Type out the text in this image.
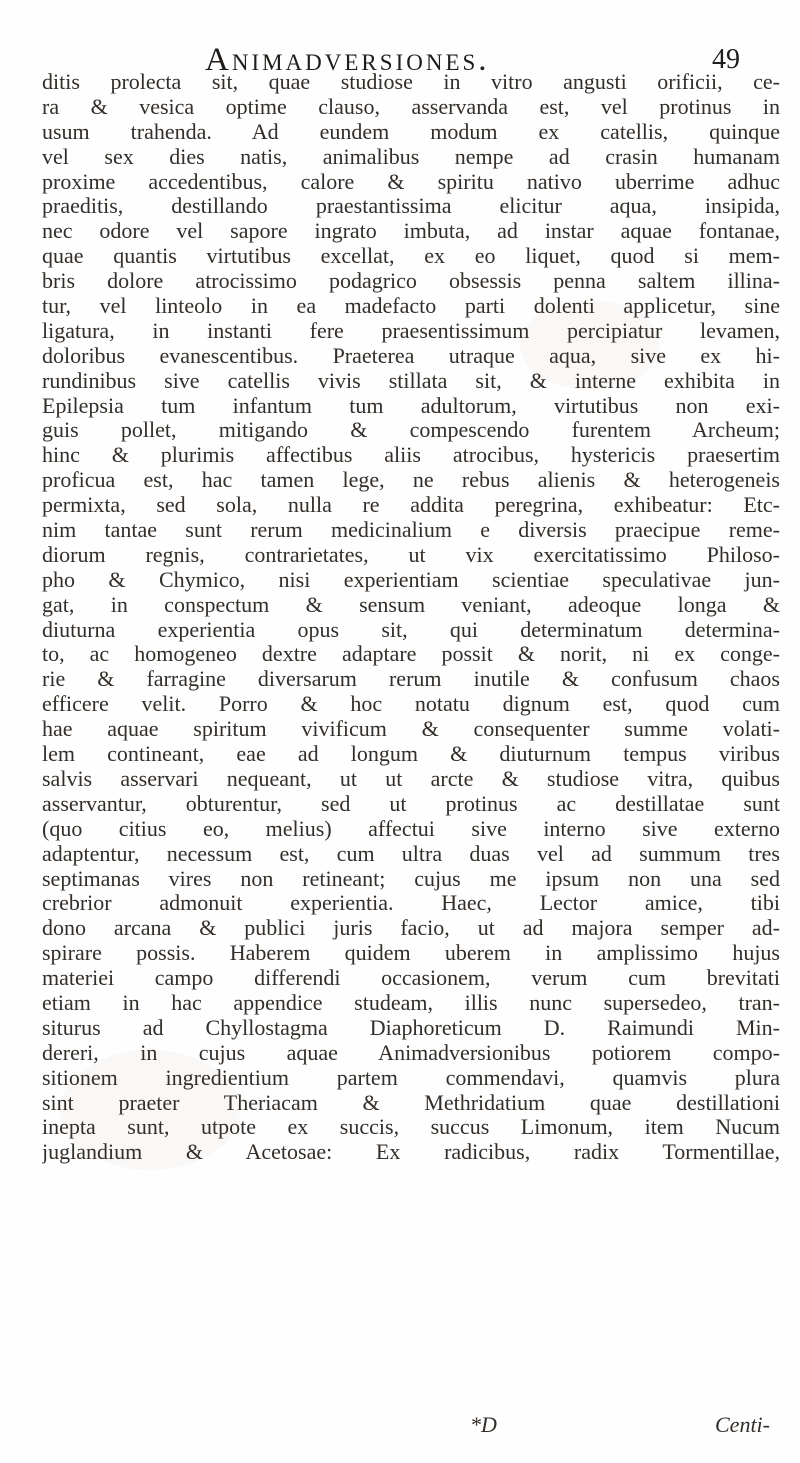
Animadversiones.	49
ditis prolecta sit, quae studiose in vitro angusti orificii, ce-
ra & vesica optime clauso, asservanda est, vel protinus in
usum trahenda. Ad eundem modum ex catellis, quinque
vel sex dies natis, animalibus nempe ad crasin humanam
proxime accedentibus, calore & spiritu nativo uberrime adhuc
praeditis, destillando praestantissima elicitur aqua, insipida,
nec odore vel sapore ingrato imbuta, ad instar aquae fontanae,
quae quantis virtutibus excellat, ex eo liquet, quod si mem-
bris dolore atrocissimo podagrico obsessis penna saltem illina-
tur, vel linteolo in ea madefacto parti dolenti applicetur, sine
ligatura, in instanti fere praesentissimum percipiatur levamen,
doloribus evanescentibus. Praeterea utraque aqua, sive ex hi-
rundinibus sive catellis vivis stillata sit, & interne exhibita in
Epilepsia tum infantum tum adultorum, virtutibus non exi-
guis pollet, mitigando & compescendo furentem Archeum;
hinc & plurimis affectibus aliis atrocibus, hystericis praesertim
proficua est, hac tamen lege, ne rebus alienis & heterogeneis
permixta, sed sola, nulla re addita peregrina, exhibeatur: Etc-
nim tantae sunt rerum medicinalium e diversis praecipue reme-
diorum regnis, contrarietates, ut vix exercitatissimo Philoso-
pho & Chymico, nisi experientiam scientiae speculativae jun-
gat, in conspectum & sensum veniant, adeoque longa &
diuturna experientia opus sit, qui determinatum determina-
to, ac homogeneo dextre adaptare possit & norit, ni ex conge-
rie & farragine diversarum rerum inutile & confusum chaos
efficere velit. Porro & hoc notatu dignum est, quod cum
hae aquae spiritum vivificum & consequenter summe volati-
lem contineant, eae ad longum & diuturnum tempus viribus
salvis asservari nequeant, ut ut arcte & studiose vitra, quibus
asservantur, obturentur, sed ut protinus ac destillatae sunt
(quo citius eo, melius) affectui sive interno sive externo
adaptentur, necessum est, cum ultra duas vel ad summum tres
septimanas vires non retineant; cujus me ipsum non una sed
crebrior admonuit experientia. Haec, Lector amice, tibi
dono arcana & publici juris facio, ut ad majora semper ad-
spirare possis. Haberem quidem uberem in amplissimo hujus
materiei campo differendi occasionem, verum cum brevitati
etiam in hac appendice studeam, illis nunc supersedeo, tran-
siturus ad Chyllostagma Diaphoreticum D. Raimundi Min-
dereri, in cujus aquae Animadversionibus potiorem compo-
sitionem ingredientium partem commendavi, quamvis plura
sint praeter Theriacam & Methridatium quae destillationi
inepta sunt, utpote ex succis, succus Limonum, item Nucum
juglandium & Acetosae: Ex radicibus, radix Tormentillae,
*D	Centi-
